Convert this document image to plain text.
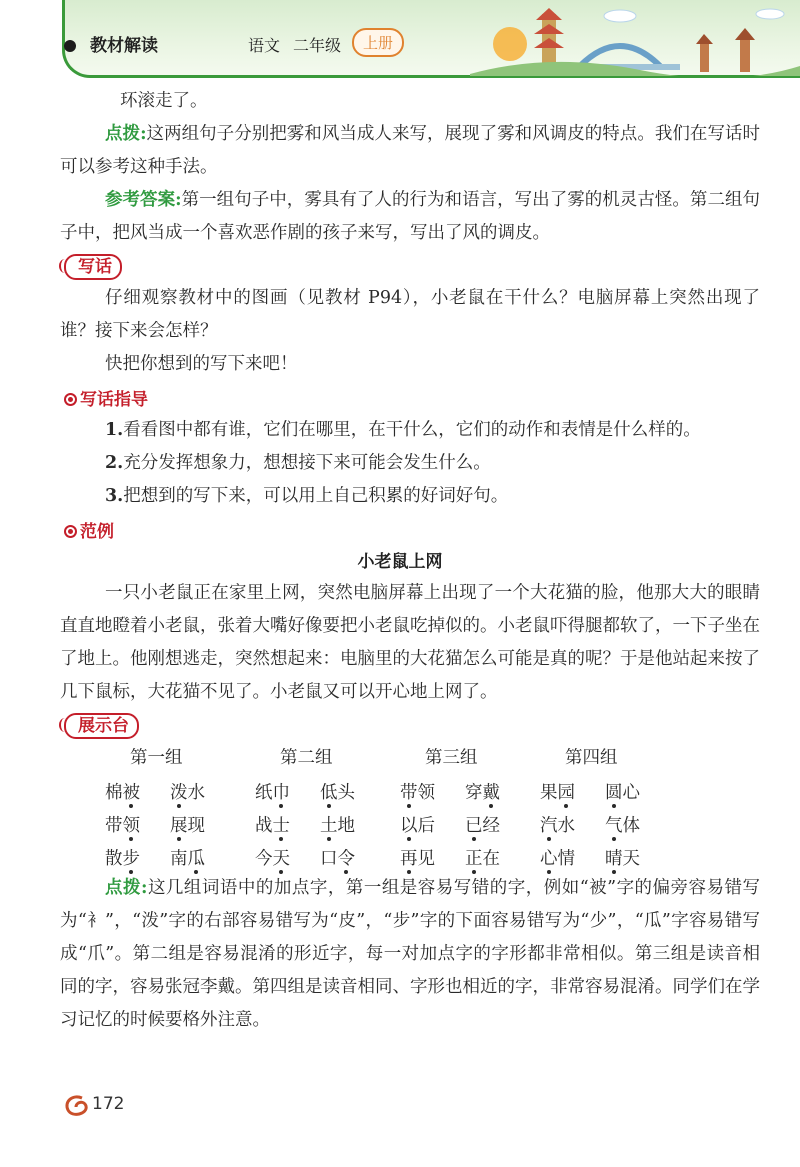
教材解读	语文 二年级	上册

环滚走了。

点拨:这两组句子分别把雾和风当成人来写，展现了雾和风调皮的特点。我们在写话时可以参考这种手法。

参考答案:第一组句子中，雾具有了人的行为和语言，写出了雾的机灵古怪。第二组句子中，把风当成一个喜欢恶作剧的孩子来写，写出了风的调皮。

写话

仔细观察教材中的图画（见教材 P94），小老鼠在干什么？电脑屏幕上突然出现了谁？接下来会怎样？

快把你想到的写下来吧！

写话指导

1.看看图中都有谁，它们在哪里，在干什么，它们的动作和表情是什么样的。

2.充分发挥想象力，想想接下来可能会发生什么。

3.把想到的写下来，可以用上自己积累的好词好句。

范例
小老鼠上网

一只小老鼠正在家里上网，突然电脑屏幕上出现了一个大花猫的脸，他那大大的眼睛直直地瞪着小老鼠，张着大嘴好像要把小老鼠吃掉似的。小老鼠吓得腿都软了，一下子坐在了地上。他刚想逃走，突然想起来：电脑里的大花猫怎么可能是真的呢？于是他站起来按了几下鼠标，大花猫不见了。小老鼠又可以开心地上网了。

展示台
第一组
棉被 泼水
带领 展现
散步 南瓜
第二组
纸巾 低头
战士 土地
今天 口令
第三组
带领 穿戴
以后 已经
再见 正在
第四组
果园 圆心
汽水 气体
心情 晴天

点拨:这几组词语中的加点字，第一组是容易写错的字，例如“被”字的偏旁容易错写为“衤”，“泼”字的右部容易错写为“皮”，“步”字的下面容易错写为“少”，“瓜”字容易错写成“爪”。第二组是容易混淆的形近字，每一对加点字的字形都非常相似。第三组是读音相同的字，容易张冠李戴。第四组是读音相同、字形也相近的字，非常容易混淆。同学们在学习记忆的时候要格外注意。

172
